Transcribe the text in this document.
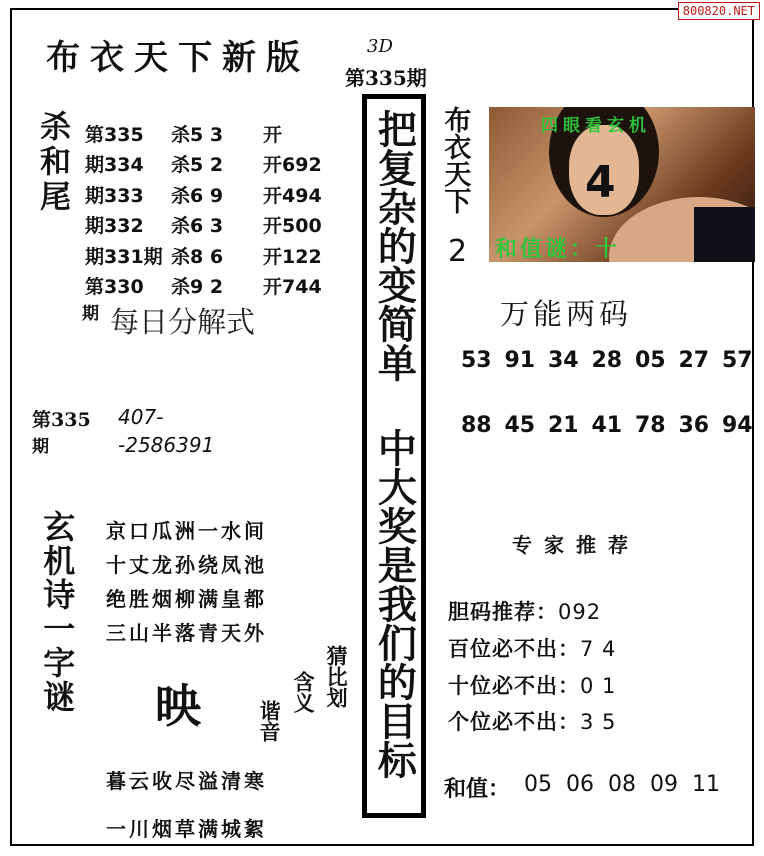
800820.NET
布衣天下新版	3D
第335期
杀和尾 第335	杀5 3	开
期334	杀5 2	开692
期333	杀6 9	开494
期332	杀6 3	开500
期331期 杀8 6	开122
第330	杀9 2	开744
期 每日分解式
第335
期
407-
-2586391
玄机诗一字谜 京口瓜洲一水间
十丈龙孙绕凤池
绝胜烟柳满皇都
三山半落青天外
映	猜比划
含义
谐音
暮云收尽溢清寒
一川烟草满城絮
把复杂的变简单 中大奖是我们的目标 布衣天下	四眼看玄机
4
和值谜：十
2
万能两码
53 91 34 28 05 27 57
88 45 21 41 78 36 94
专家推荐
胆码推荐：092
百位必不出：7 4
十位必不出：0 1
个位必不出：3 5
和值： 05 06 08 09 11
